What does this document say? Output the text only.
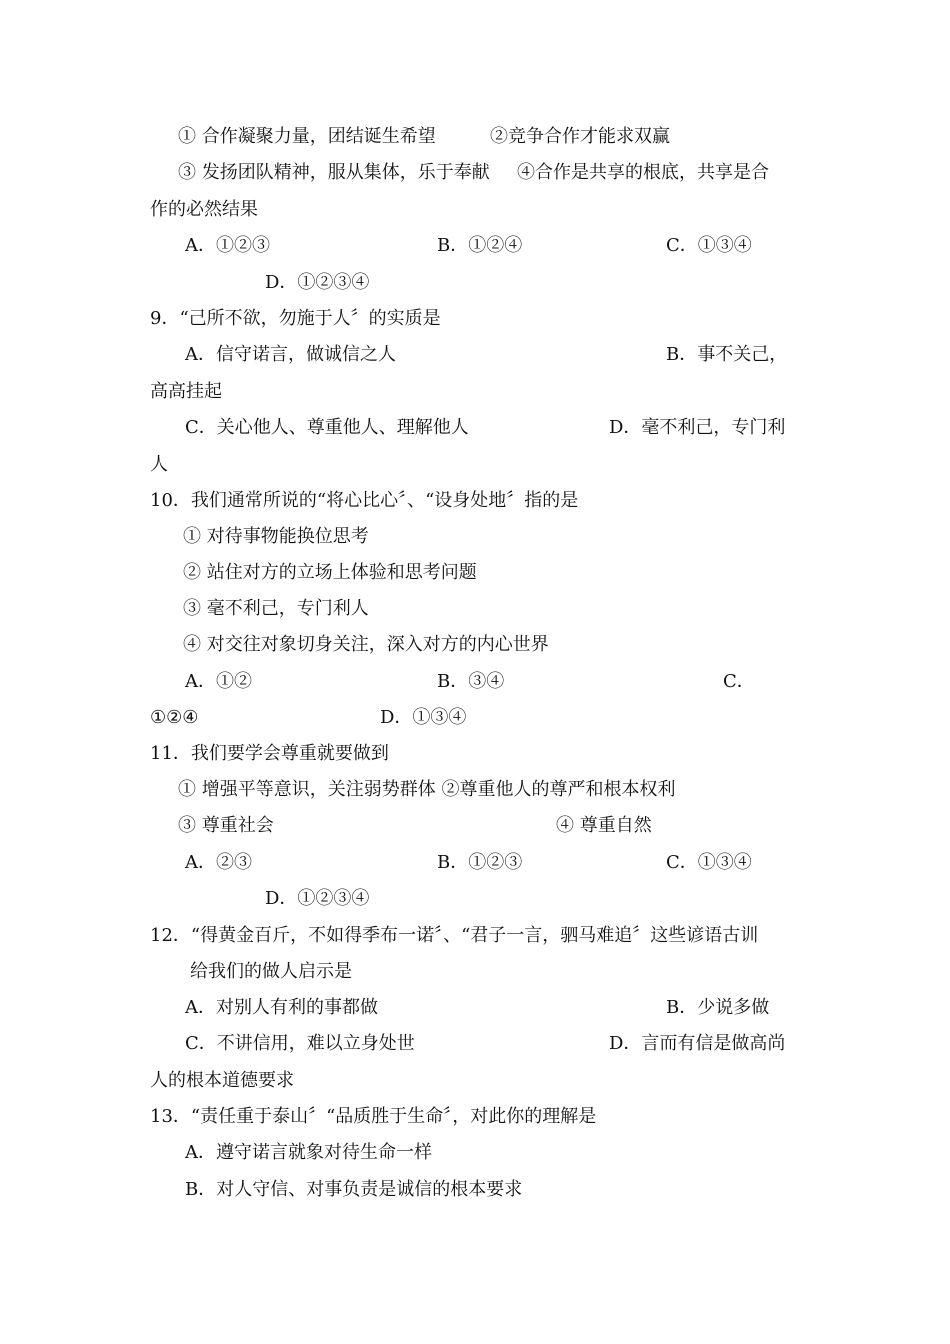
① 合作凝聚力量，团结诞生希望	②竞争合作才能求双赢
③ 发扬团队精神，服从集体，乐于奉献 ④合作是共享的根底，共享是合
作的必然结果
A．①②③	B．①②④	C．①③④
D．①②③④
9．“己所不欲，勿施于人〞的实质是
A．信守诺言，做诚信之人	B．事不关己，
高高挂起
C．关心他人、尊重他人、理解他人	D．毫不利己，专门利
人
10．我们通常所说的“将心比心〞、“设身处地〞指的是
① 对待事物能换位思考
② 站住对方的立场上体验和思考问题
③ 毫不利己，专门利人
④ 对交往对象切身关注，深入对方的内心世界
A．①②	B．③④	C．
①②④	D．①③④
11．我们要学会尊重就要做到
① 增强平等意识，关注弱势群体 ②尊重他人的尊严和根本权利
③ 尊重社会	④ 尊重自然
A．②③	B．①②③	C．①③④
D．①②③④
12．“得黄金百斤，不如得季布一诺〞、“君子一言，驷马难追〞这些谚语古训
给我们的做人启示是
A．对别人有利的事都做	B．少说多做
C．不讲信用，难以立身处世	D．言而有信是做高尚
人的根本道德要求
13．“责任重于泰山〞“品质胜于生命〞，对此你的理解是
A．遵守诺言就象对待生命一样
B．对人守信、对事负责是诚信的根本要求
